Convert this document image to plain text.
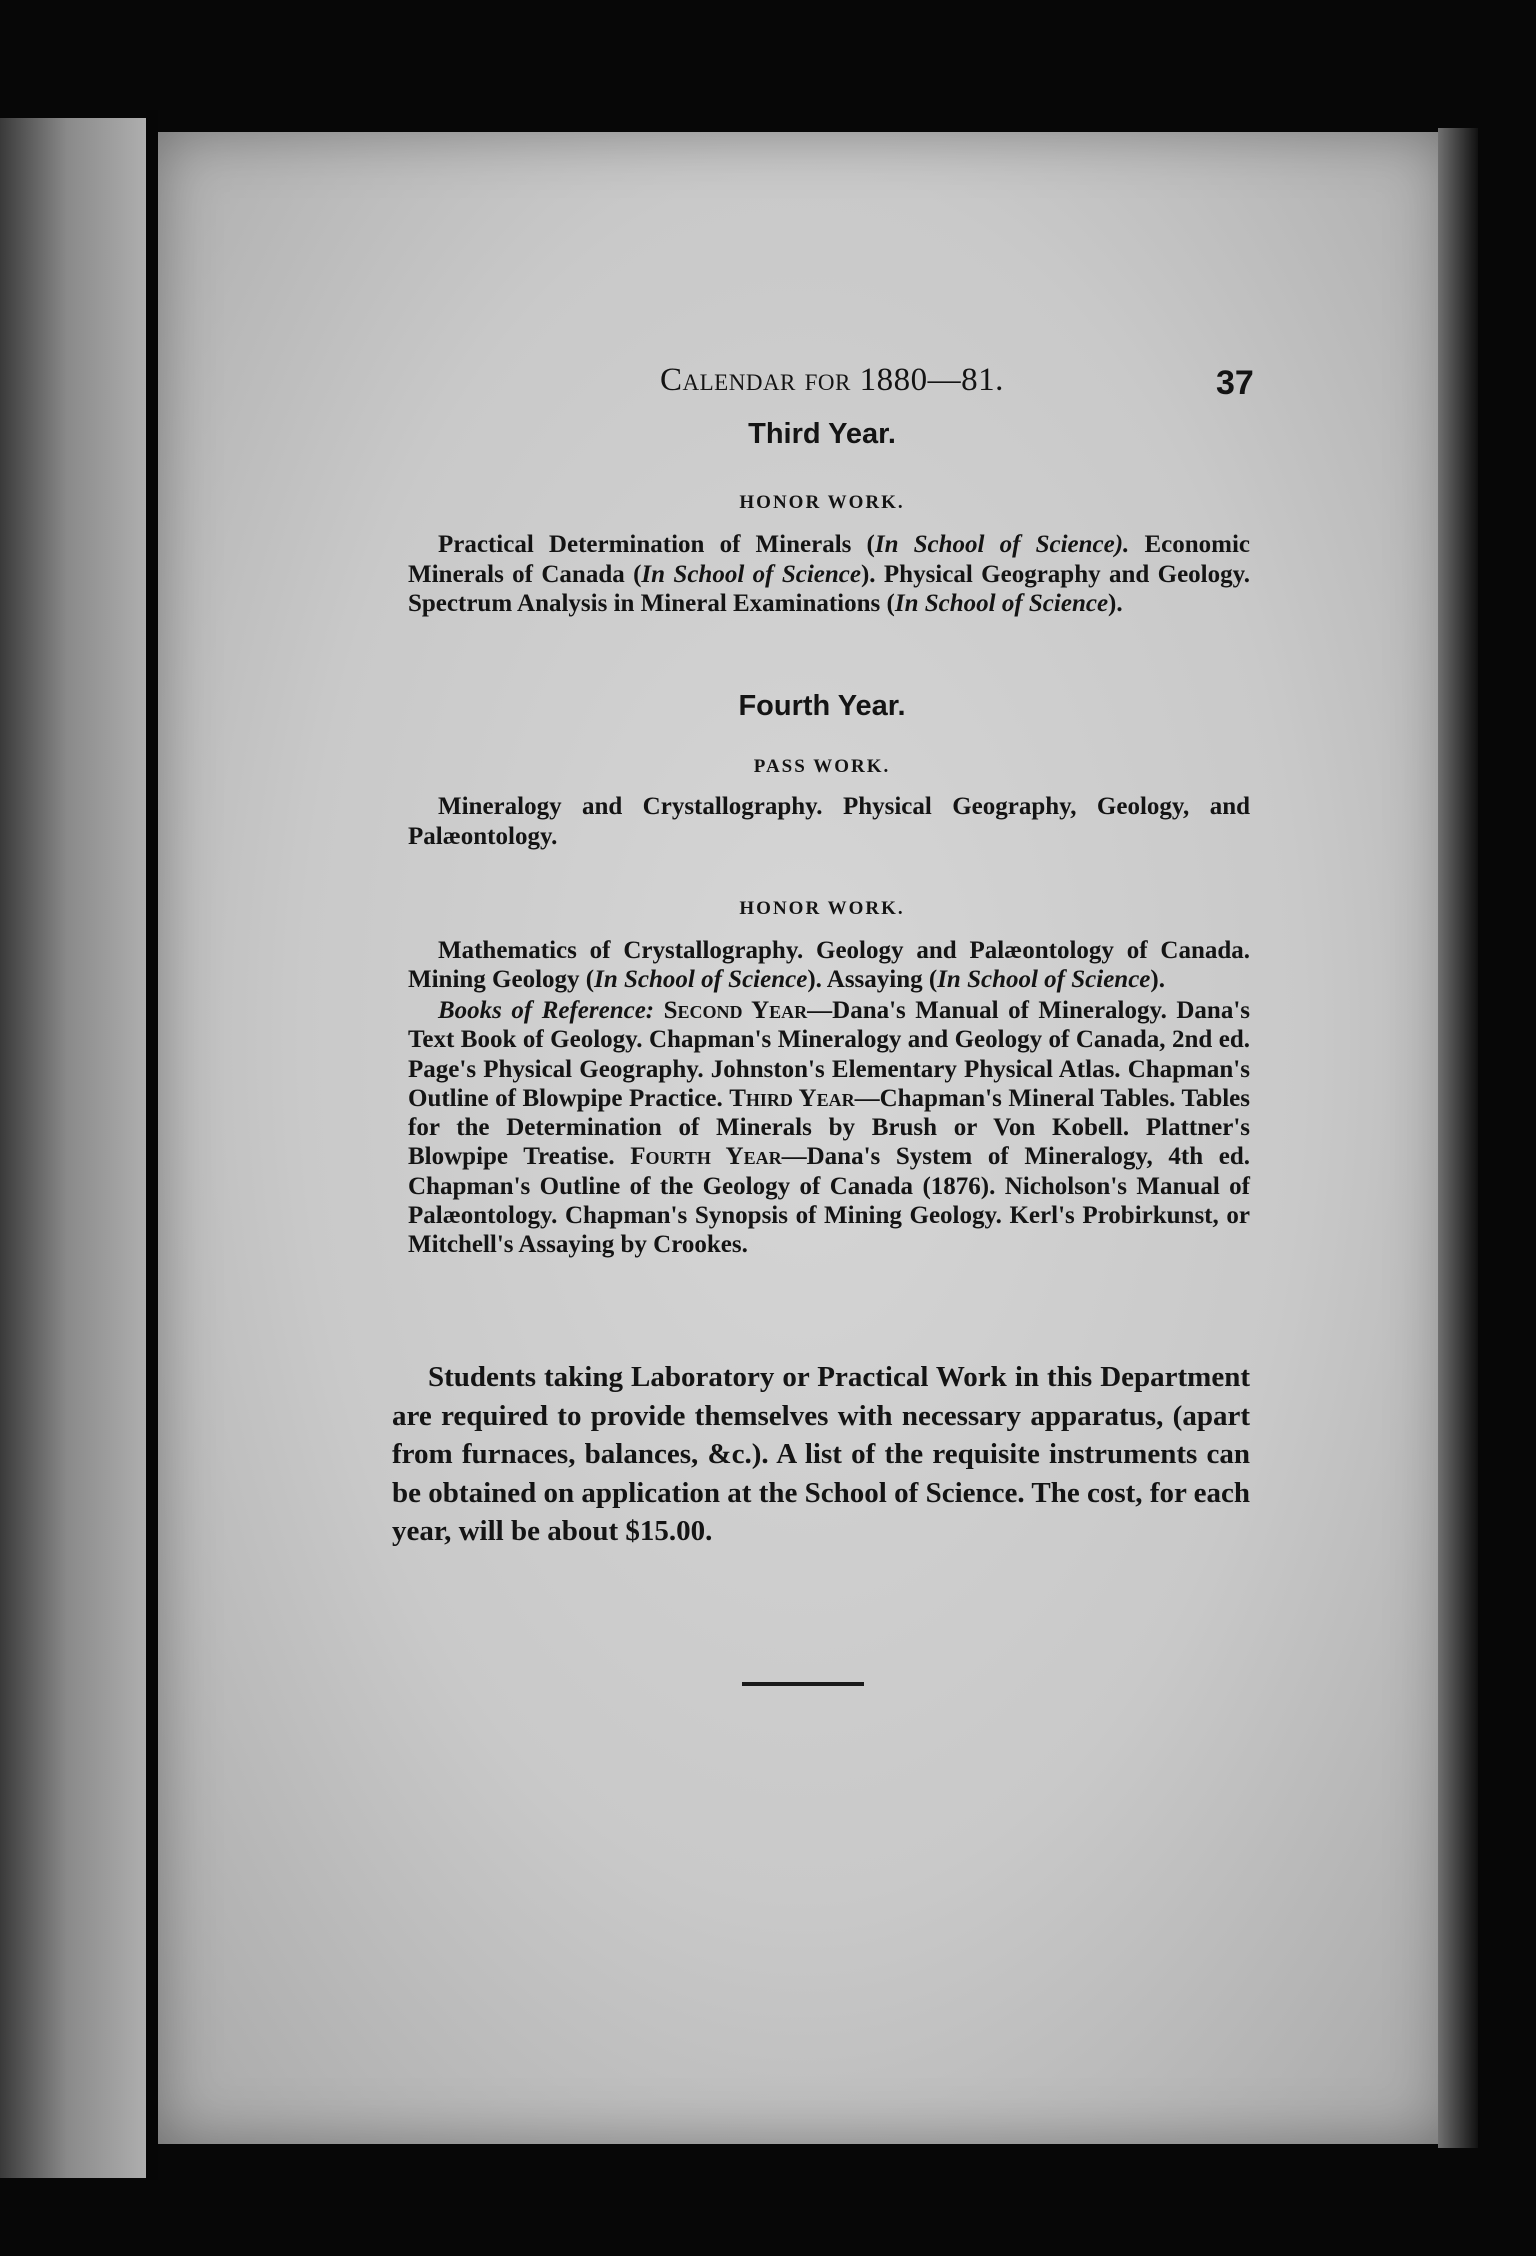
Calendar for 1880—81.	37
Third Year.
HONOR WORK.
Practical Determination of Minerals (In School of Science). Economic Minerals of Canada (In School of Science). Physical Geography and Geology. Spectrum Analysis in Mineral Examinations (In School of Science).
Fourth Year.
PASS WORK.
Mineralogy and Crystallography. Physical Geography, Geology, and Palæontology.
HONOR WORK.
Mathematics of Crystallography. Geology and Palæontology of Canada. Mining Geology (In School of Science). Assaying (In School of Science).
Books of Reference: Second Year—Dana's Manual of Mineralogy. Dana's Text Book of Geology. Chapman's Mineralogy and Geology of Canada, 2nd ed. Page's Physical Geography. Johnston's Elementary Physical Atlas. Chapman's Outline of Blowpipe Practice. Third Year—Chapman's Mineral Tables. Tables for the Determination of Minerals by Brush or Von Kobell. Plattner's Blowpipe Treatise. Fourth Year—Dana's System of Mineralogy, 4th ed. Chapman's Outline of the Geology of Canada (1876). Nicholson's Manual of Palæontology. Chapman's Synopsis of Mining Geology. Kerl's Probirkunst, or Mitchell's Assaying by Crookes.
Students taking Laboratory or Practical Work in this Department are required to provide themselves with necessary apparatus, (apart from furnaces, balances, &c.). A list of the requisite instruments can be obtained on application at the School of Science. The cost, for each year, will be about $15.00.
